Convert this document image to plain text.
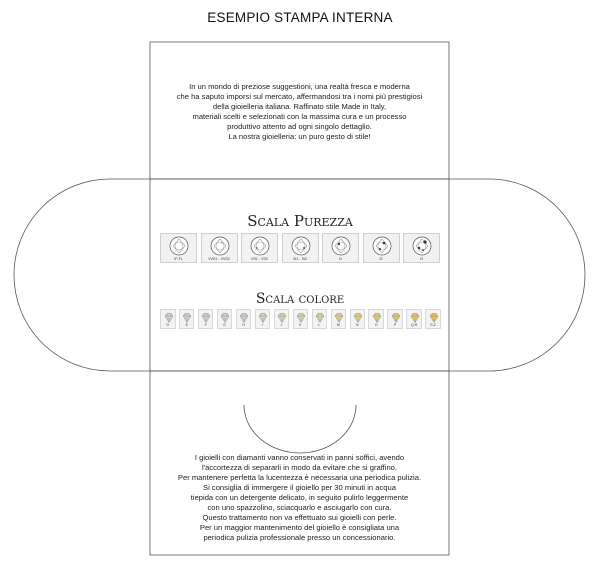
ESEMPIO STAMPA INTERNA
In un mondo di preziose suggestioni, una realtà fresca e moderna
che ha saputo imporsi sul mercato, affermandosi tra i nomi più prestigiosi
della gioielleria italiana. Raffinato stile Made in Italy,
materiali scelti e selezionati con la massima cura e un processo
produttivo attento ad ogni singolo dettaglio.
La nostra gioielleria: un puro gesto di stile!
Scala Purezza
IF-FL	VVS1 - VVS2	VS1 - VS2	SI1 - SI2	I1	I2	I3
Scala colore
D	E	F	G	H	I	J	K	L	M	N	O	P	Q-R	S-Z
I gioielli con diamanti vanno conservati in panni soffici, avendo
l'accortezza di separarli in modo da evitare che si graffino.
Per mantenere perfetta la lucentezza è necessaria una periodica pulizia.
Si consiglia di immergere il gioiello per 30 minuti in acqua
tiepida con un detergente delicato, in seguito pulirlo leggermente
con uno spazzolino, sciacquarlo e asciugarlo con cura.
Questo trattamento non va effettuato sui gioielli con perle.
Per un maggior mantenimento del gioiello è consigliata una
periodica pulizia professionale presso un concessionario.
